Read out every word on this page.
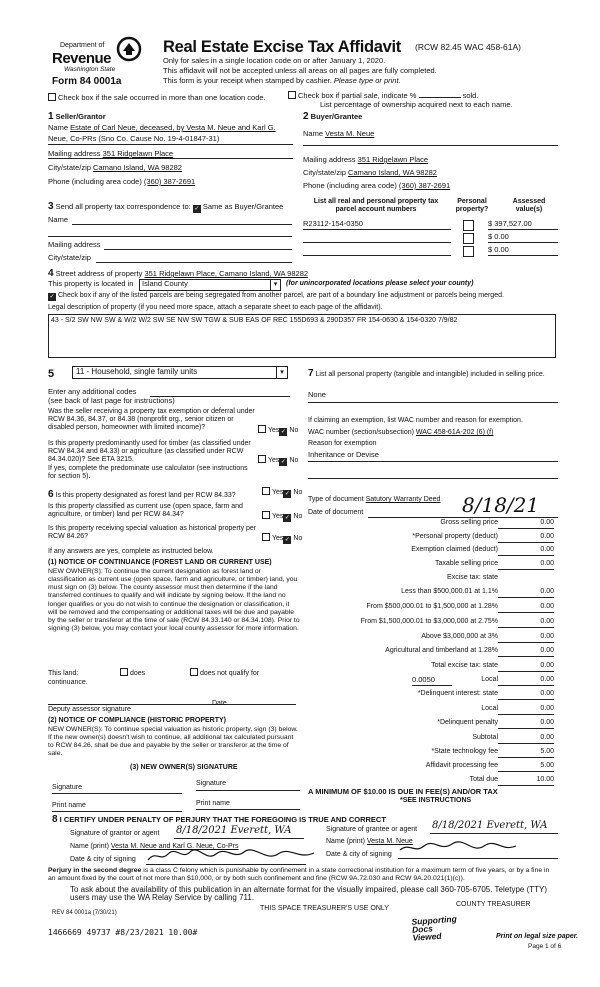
Department of
Revenue
Washington State
Form 84 0001a
Real Estate Excise Tax Affidavit (RCW 82.45 WAC 458-61A)
Only for sales in a single location code on or after January 1, 2020.
This affidavit will not be accepted unless all areas on all pages are fully completed.
This form is your receipt when stamped by cashier. Please type or print.
Check box if the sale occurred in more than one location code.	Check box if partial sale, indicate %	sold.
List percentage of ownership acquired next to each name.
1 Seller/Grantor
Name Estate of Carl Neue, deceased, by Vesta M. Neue and Karl G.
Neue, Co-PRs (Sno Co. Cause No. 19-4-01847-31)
Mailing address 351 Ridgelawn Place
City/state/zip Camano Island, WA 98282
Phone (including area code) (360) 387-2691
2 Buyer/Grantee
Name Vesta M. Neue
Mailing address 351 Ridgelawn Place
City/state/zip Camano Island, WA 98282
Phone (including area code) (360) 387-2691
3 Send all property tax correspondence to: ✓ Same as Buyer/Grantee
Name
Mailing address
City/state/zip
List all real and personal property tax parcel account numbers
Personal property?
Assessed value(s)
R23112-154-0350	$ 397,527.00
$ 0.00
$ 0.00
4 Street address of property 351 Ridgelawn Place, Camano Island, WA 98282
This property is located in	Island County	▾	(for unincorporated locations please select your county)
✓ Check box if any of the listed parcels are being segregated from another parcel, are part of a boundary line adjustment or parcels being merged.
Legal description of property (if you need more space, attach a separate sheet to each page of the affidavit).
43 - S/2 SW NW SW & W/2 W/2 SW SE NW SW TGW & SUB EAS OF REC 155D693 & 290D357 FR 154-0630 & 154-0320 7/9/82
5	11 - Household, single family units	▾
Enter any additional codes
(see back of last page for instructions)
Was the seller receiving a property tax exemption or deferral under RCW 84.36, 84.37, or 84.38 (nonprofit org., senior citizen or disabled person, homeowner with limited income)?	Yes✓ No
Is this property predominantly used for timber (as classified under RCW 84.34 and 84.33) or agriculture (as classified under RCW 84.34.020)? See ETA 3215.	Yes✓ No
If yes, complete the predominate use calculator (see instructions for section 5).
6 Is this property designated as forest land per RCW 84.33?	Yes✓ No
Is this property classified as current use (open space, farm and agriculture, or timber) land per RCW 84.34?	Yes✓ No
Is this property receiving special valuation as historical property per RCW 84.26?	Yes✓ No
If any answers are yes, complete as instructed below.
(1) NOTICE OF CONTINUANCE (FOREST LAND OR CURRENT USE)
NEW OWNER(S): To continue the current designation as forest land or classification as current use (open space, farm and agriculture, or timber) land, you must sign on (3) below. The county assessor must then determine if the land transferred continues to qualify and will indicate by signing below. If the land no longer qualifies or you do not wish to continue the designation or classification, it will be removed and the compensating or additional taxes will be due and payable by the seller or transferor at the time of sale (RCW 84.33.140 or 84.34.108). Prior to signing (3) below, you may contact your local county assessor for more information.
This land:
continuance.
does	does not qualify for
Deputy assessor signature
Date
(2) NOTICE OF COMPLIANCE (HISTORIC PROPERTY)
NEW OWNER(S): To continue special valuation as historic property, sign (3) below. If the new owner(s) doesn't wish to continue, all additional tax calculated pursuant to RCW 84.26, shall be due and payable by the seller or transferor at the time of sale.
(3) NEW OWNER(S) SIGNATURE
Signature
Signature
Print name	Print name
7 List all personal property (tangible and intangible) included in selling price.
None
If claiming an exemption, list WAC number and reason for exemption.
WAC number (section/subsection) WAC 458-61A-202 (6) (f)
Reason for exemption
Inheritance or Devise
Type of document Satutory Warranty Deed
Date of document	8/18/21
Gross selling price	0.00
*Personal property (deduct)	0.00
Exemption claimed (deduct)	0.00
Taxable selling price	0.00
Excise tax: state
Less than $500,000.01 at 1.1%	0.00
From $500,000.01 to $1,500,000 at 1.28%	0.00
From $1,500,000.01 to $3,000,000 at 2.75%	0.00
Above $3,000,000 at 3%	0.00
Agricultural and timberland at 1.28%	0.00
Total excise tax: state	0.00
Local	0.00
0.0050
*Delinquent interest: state	0.00
Local	0.00
*Delinquent penalty	0.00
Subtotal	0.00
*State technology fee	5.00
Affidavit processing fee	5.00
Total due	10.00
A MINIMUM OF $10.00 IS DUE IN FEE(S) AND/OR TAX
*SEE INSTRUCTIONS
8 I CERTIFY UNDER PENALTY OF PERJURY THAT THE FOREGOING IS TRUE AND CORRECT
Signature of grantor or agent 8/18/2021 Everett, WA
Name (print) Vesta M. Neue and Karl G. Neue, Co-Prs
Date & city of signing
Signature of grantee or agent 8/18/2021 Everett, WA
Name (print) Vesta M. Neue
Date & city of signing
Perjury in the second degree is a class C felony which is punishable by confinement in a state correctional institution for a maximum term of five years, or by a fine in an amount fixed by the court of not more than $10,000, or by both such confinement and fine (RCW 9A.72.030 and RCW 9A.20.021(1)(c)).
To ask about the availability of this publication in an alternate format for the visually impaired, please call 360-705-6705. Teletype (TTY) users may use the WA Relay Service by calling 711.
REV 84 0001a (7/30/21)
THIS SPACE TREASURER'S USE ONLY
COUNTY TREASURER
1466669 49737 #8/23/2021 10.00#
Supporting Docs Viewed	Print on legal size paper.
Page 1 of 6
